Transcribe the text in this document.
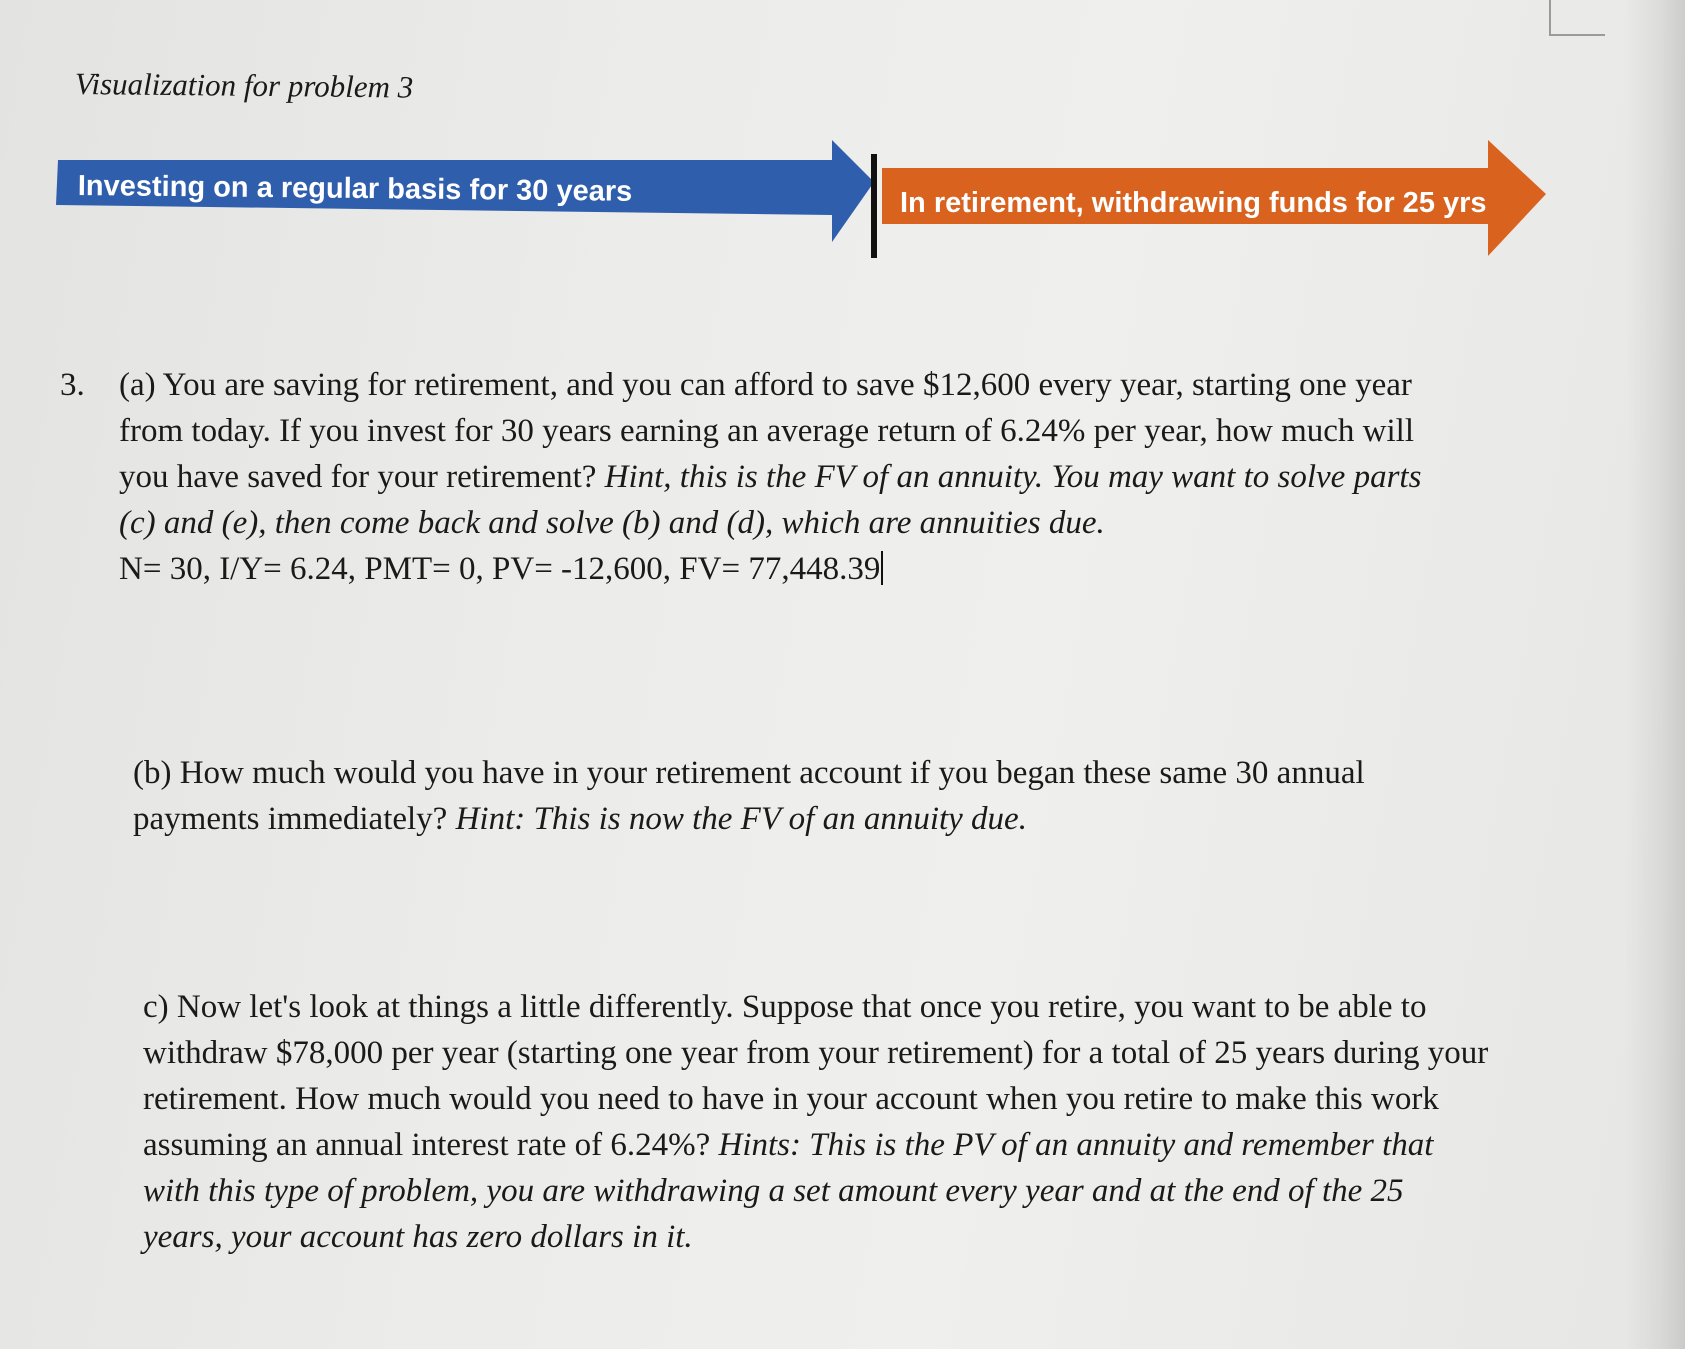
Visualization for problem 3
Investing on a regular basis for 30 years	In retirement, withdrawing funds for 25 yrs
3. (a) You are saving for retirement, and you can afford to save $12,600 every year, starting one year
from today. If you invest for 30 years earning an average return of 6.24% per year, how much will
you have saved for your retirement? Hint, this is the FV of an annuity. You may want to solve parts
(c) and (e), then come back and solve (b) and (d), which are annuities due.
N= 30, I/Y= 6.24, PMT= 0, PV= -12,600, FV= 77,448.39
(b) How much would you have in your retirement account if you began these same 30 annual
payments immediately? Hint: This is now the FV of an annuity due.
c) Now let's look at things a little differently. Suppose that once you retire, you want to be able to
withdraw $78,000 per year (starting one year from your retirement) for a total of 25 years during your
retirement. How much would you need to have in your account when you retire to make this work
assuming an annual interest rate of 6.24%? Hints: This is the PV of an annuity and remember that
with this type of problem, you are withdrawing a set amount every year and at the end of the 25
years, your account has zero dollars in it.
